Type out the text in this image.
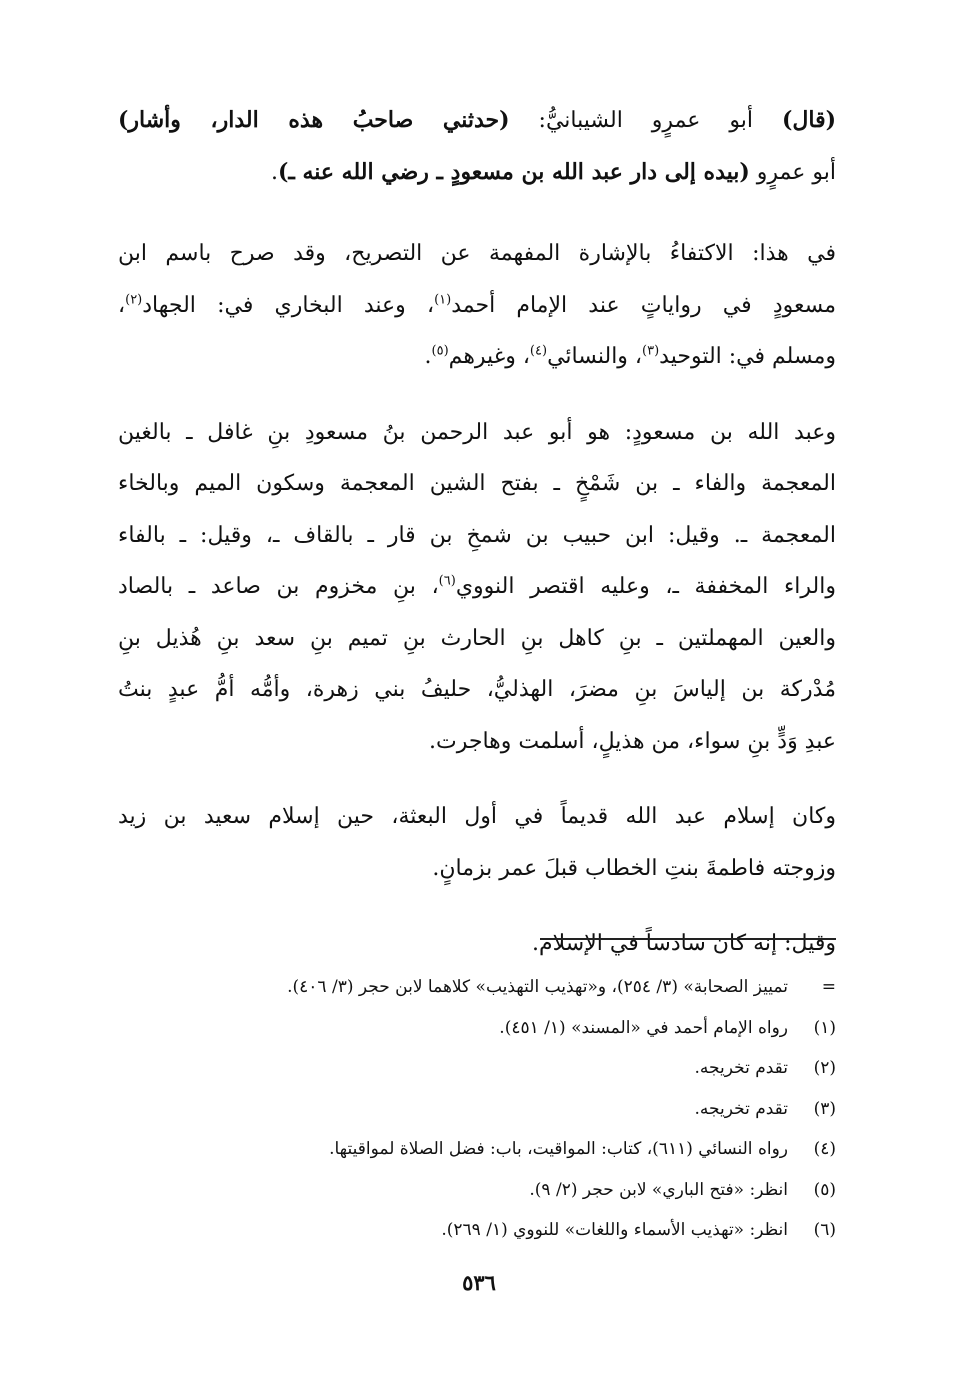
(قال) أبو عمرٍو الشيبانيُّ: (حدثني صاحبُ هذه الدار، وأشار)
أبو عمرٍو (بيده إلى دار عبد الله بن مسعودٍ ـ رضي الله عنه ـ).

في هذا: الاكتفاءُ بالإشارة المفهمة عن التصريح، وقد صرح باسم ابن
مسعودٍ في رواياتٍ عند الإمام أحمد$^{(١)}$، وعند البخاري في: الجهاد$^{(٢)}$،
ومسلم في: التوحيد$^{(٣)}$، والنسائي$^{(٤)}$، وغيرهم$^{(٥)}$.

وعبد الله بن مسعودٍ: هو أبو عبد الرحمن بنُ مسعودِ بنِ غافل ـ بالغين
المعجمة والفاء ـ بن شَمْخٍ ـ بفتح الشين المعجمة وسكون الميم وبالخاء
المعجمة ـ. وقيل: ابن حبيب بن شمخِ بن قار ـ بالقاف ـ، وقيل: ـ بالفاء
والراء المخففة ـ، وعليه اقتصر النووي$^{(٦)}$، بنِ مخزوم بن صاعد ـ بالصاد
والعين المهملتين ـ بنِ كاهل بنِ الحارث بنِ تميم بنِ سعد بنِ هُذيل بنِ
مُدْركة بن إلياسَ بنِ مضرَ، الهذليُّ، حليفُ بني زهرة، وأمُّه أمُّ عبدٍ بنتُ
عبدِ وَدٍّ بنِ سواء، من هذيلٍ، أسلمت وهاجرت.

وكان إسلام عبد الله قديماً في أول البعثة، حين إسلام سعيد بن زيد
وزوجته فاطمةَ بنتِ الخطاب قبلَ عمر بزمانٍ.

وقيل: إنه كان سادساً في الإسلام.

=
تمييز الصحابة» (٣/ ٢٥٤)، و«تهذيب التهذيب» كلاهما لابن حجر (٣/ ٤٠٦).
(١)
رواه الإمام أحمد في «المسند» (١/ ٤٥١).
(٢)
تقدم تخريجه.
(٣)
تقدم تخريجه.
(٤)
رواه النسائي (٦١١)، كتاب: المواقيت، باب: فضل الصلاة لمواقيتها.
(٥)
انظر: «فتح الباري» لابن حجر (٢/ ٩).
(٦)
انظر: «تهذيب الأسماء واللغات» للنووي (١/ ٢٦٩).
٥٣٦
